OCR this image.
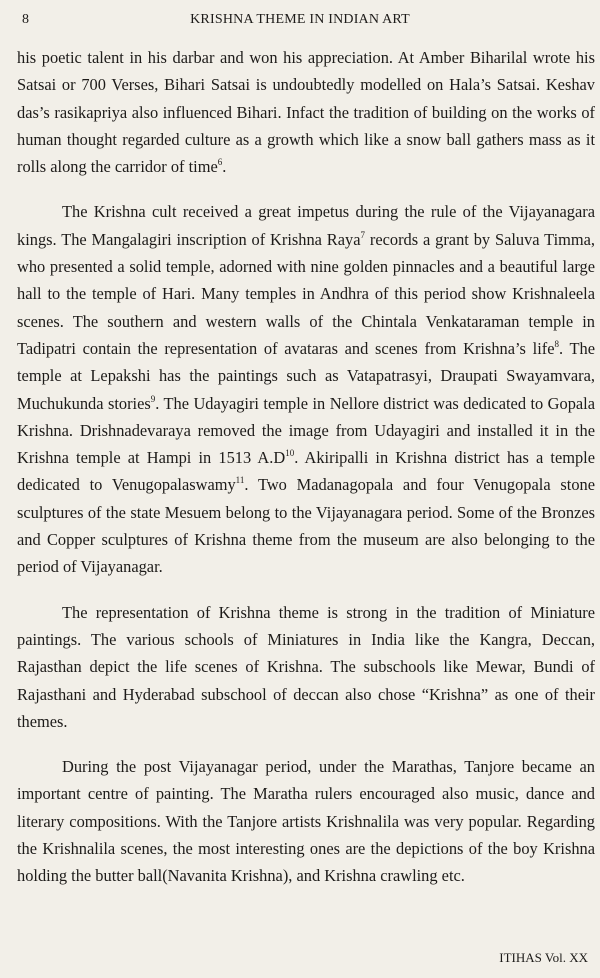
8	KRISHNA THEME IN INDIAN ART

his poetic talent in his darbar and won his appreciation. At Amber Biharilal wrote his Satsai or 700 Verses, Bihari Satsai is undoubtedly modelled on Hala’s Satsai. Keshav das’s rasikapriya also influenced Bihari. Infact the tradition of building on the works of human thought regarded culture as a growth which like a snow ball gathers mass as it rolls along the carridor of time$^6$.

The Krishna cult received a great impetus during the rule of the Vijayanagara kings. The Mangalagiri inscription of Krishna Raya$^7$ records a grant by Saluva Timma, who presented a solid temple, adorned with nine golden pinnacles and a beautiful large hall to the temple of Hari. Many temples in Andhra of this period show Krishnaleela scenes. The southern and western walls of the Chintala Venkataraman temple in Tadipatri contain the representation of avataras and scenes from Krishna’s life$^8$. The temple at Lepakshi has the paintings such as Vatapatrasyi, Draupati Swayamvara, Muchukunda stories$^9$. The Udayagiri temple in Nellore district was dedicated to Gopala Krishna. Drishnadevaraya removed the image from Udayagiri and installed it in the Krishna temple at Hampi in 1513 $A.D^{10}$. Akiripalli in Krishna district has a temple dedicated to Venugopalaswamy$^{11}$. Two Madanagopala and four Venugopala stone sculptures of the state Mesuem belong to the Vijayanagara period. Some of the Bronzes and Copper sculptures of Krishna theme from the museum are also belonging to the period of Vijayanagar.

The representation of Krishna theme is strong in the tradition of Miniature paintings. The various schools of Miniatures in India like the Kangra, Deccan, Rajasthan depict the life scenes of Krishna. The subschools like Mewar, Bundi of Rajasthani and Hyderabad subschool of deccan also chose “Krishna” as one of their themes.

During the post Vijayanagar period, under the Marathas, Tanjore became an important centre of painting. The Maratha rulers encouraged also music, dance and literary compositions. With the Tanjore artists Krishnalila was very popular. Regarding the Krishnalila scenes, the most interesting ones are the depictions of the boy Krishna holding the butter ball(Navanita Krishna), and Krishna crawling etc.

ITIHAS Vol. XX
